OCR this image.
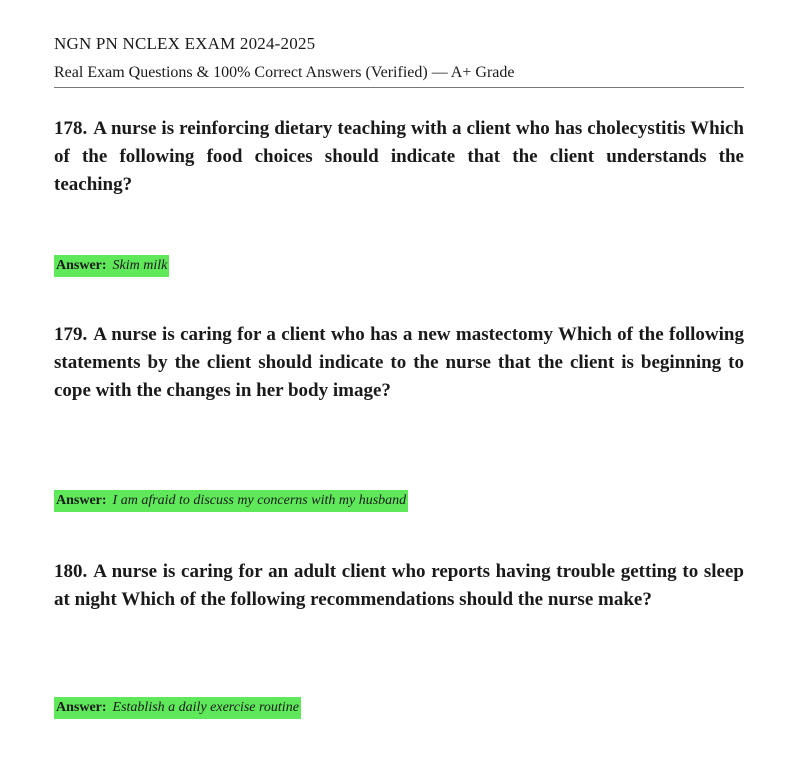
NGN PN NCLEX EXAM 2024-2025
Real Exam Questions & 100% Correct Answers (Verified) — A+ Grade
178. A nurse is reinforcing dietary teaching with a client who has cholecystitis Which of the following food choices should indicate that the client understands the teaching?
Answer: Skim milk
179. A nurse is caring for a client who has a new mastectomy Which of the following statements by the client should indicate to the nurse that the client is beginning to cope with the changes in her body image?
Answer: I am afraid to discuss my concerns with my husband
180. A nurse is caring for an adult client who reports having trouble getting to sleep at night Which of the following recommendations should the nurse make?
Answer: Establish a daily exercise routine
